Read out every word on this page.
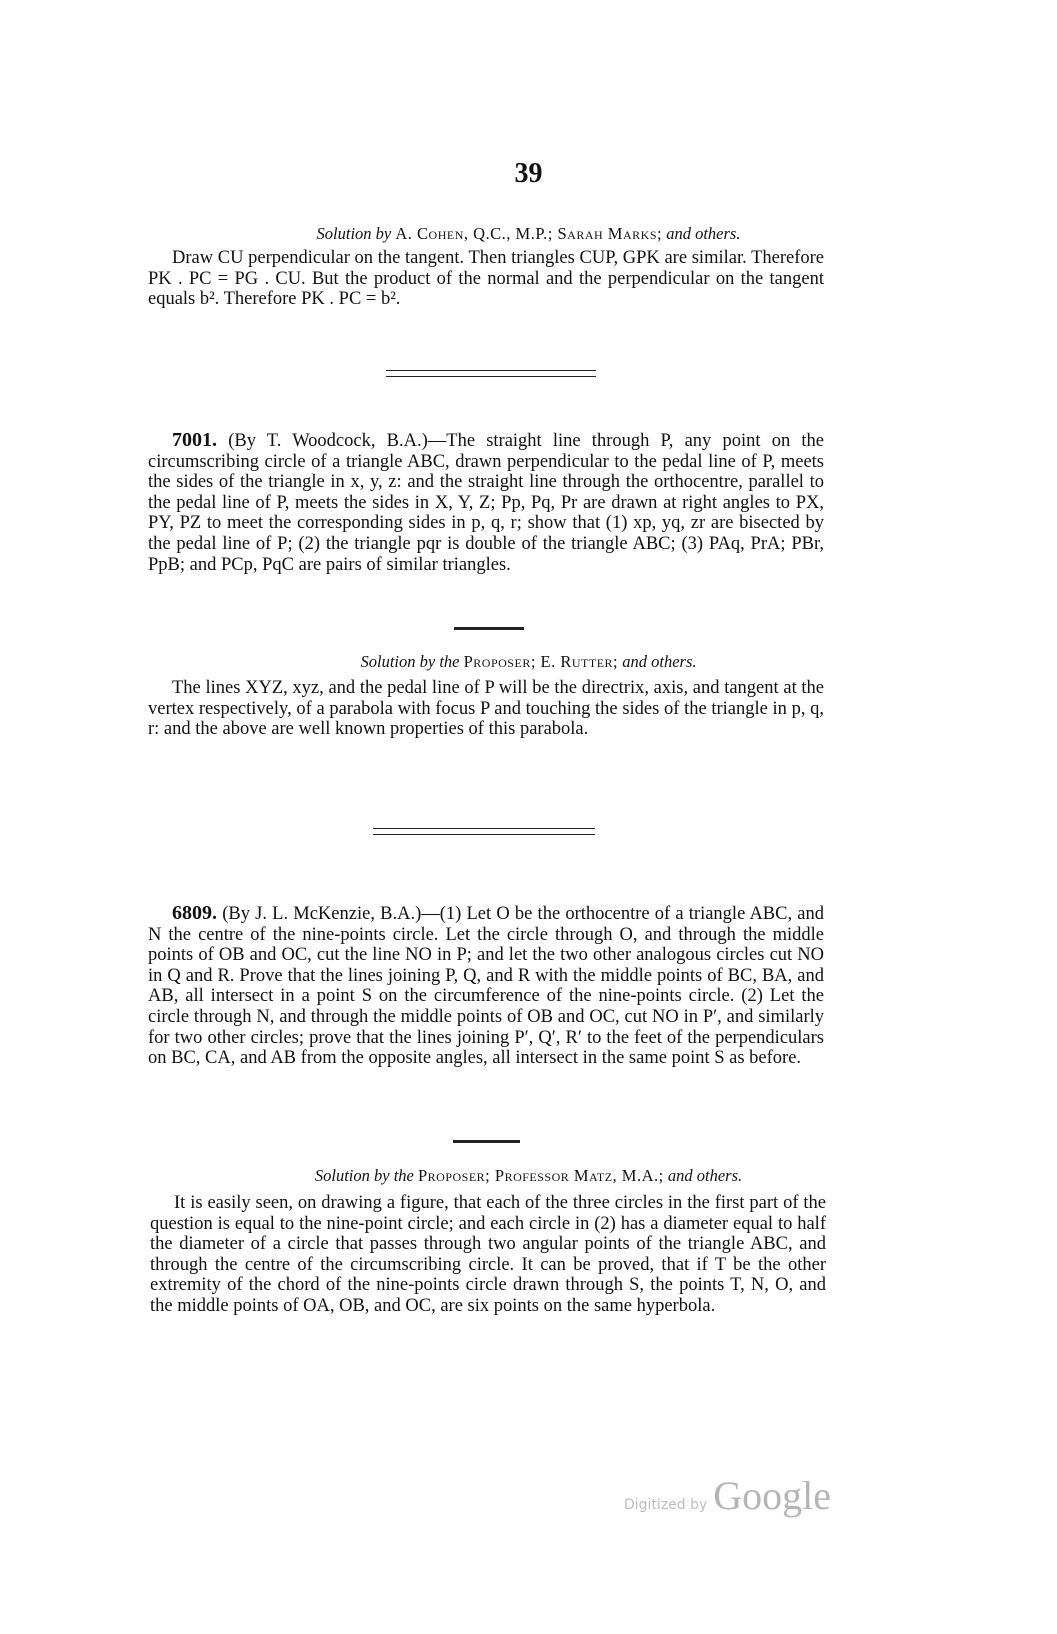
39
Solution by A. Cohen, Q.C., M.P.; Sarah Marks; and others.

Draw CU perpendicular on the tangent. Then triangles CUP, GPK are similar. Therefore PK . PC = PG . CU. But the product of the normal and the perpendicular on the tangent equals b². Therefore PK . PC = b².

7001. (By T. Woodcock, B.A.)—The straight line through P, any point on the circumscribing circle of a triangle ABC, drawn perpendicular to the pedal line of P, meets the sides of the triangle in x, y, z: and the straight line through the orthocentre, parallel to the pedal line of P, meets the sides in X, Y, Z; Pp, Pq, Pr are drawn at right angles to PX, PY, PZ to meet the corresponding sides in p, q, r; show that (1) xp, yq, zr are bisected by the pedal line of P; (2) the triangle pqr is double of the triangle ABC; (3) PAq, PrA; PBr, PpB; and PCp, PqC are pairs of similar triangles.

Solution by the Proposer; E. Rutter; and others.

The lines XYZ, xyz, and the pedal line of P will be the directrix, axis, and tangent at the vertex respectively, of a parabola with focus P and touching the sides of the triangle in p, q, r: and the above are well known properties of this parabola.

6809. (By J. L. McKenzie, B.A.)—(1) Let O be the orthocentre of a triangle ABC, and N the centre of the nine-points circle. Let the circle through O, and through the middle points of OB and OC, cut the line NO in P; and let the two other analogous circles cut NO in Q and R. Prove that the lines joining P, Q, and R with the middle points of BC, BA, and AB, all intersect in a point S on the circumference of the nine-points circle. (2) Let the circle through N, and through the middle points of OB and OC, cut NO in P′, and similarly for two other circles; prove that the lines joining P′, Q′, R′ to the feet of the perpendiculars on BC, CA, and AB from the opposite angles, all intersect in the same point S as before.

Solution by the Proposer; Professor Matz, M.A.; and others.

It is easily seen, on drawing a figure, that each of the three circles in the first part of the question is equal to the nine-point circle; and each circle in (2) has a diameter equal to half the diameter of a circle that passes through two angular points of the triangle ABC, and through the centre of the circumscribing circle. It can be proved, that if T be the other extremity of the chord of the nine-points circle drawn through S, the points T, N, O, and the middle points of OA, OB, and OC, are six points on the same hyperbola.

Digitized by Google
